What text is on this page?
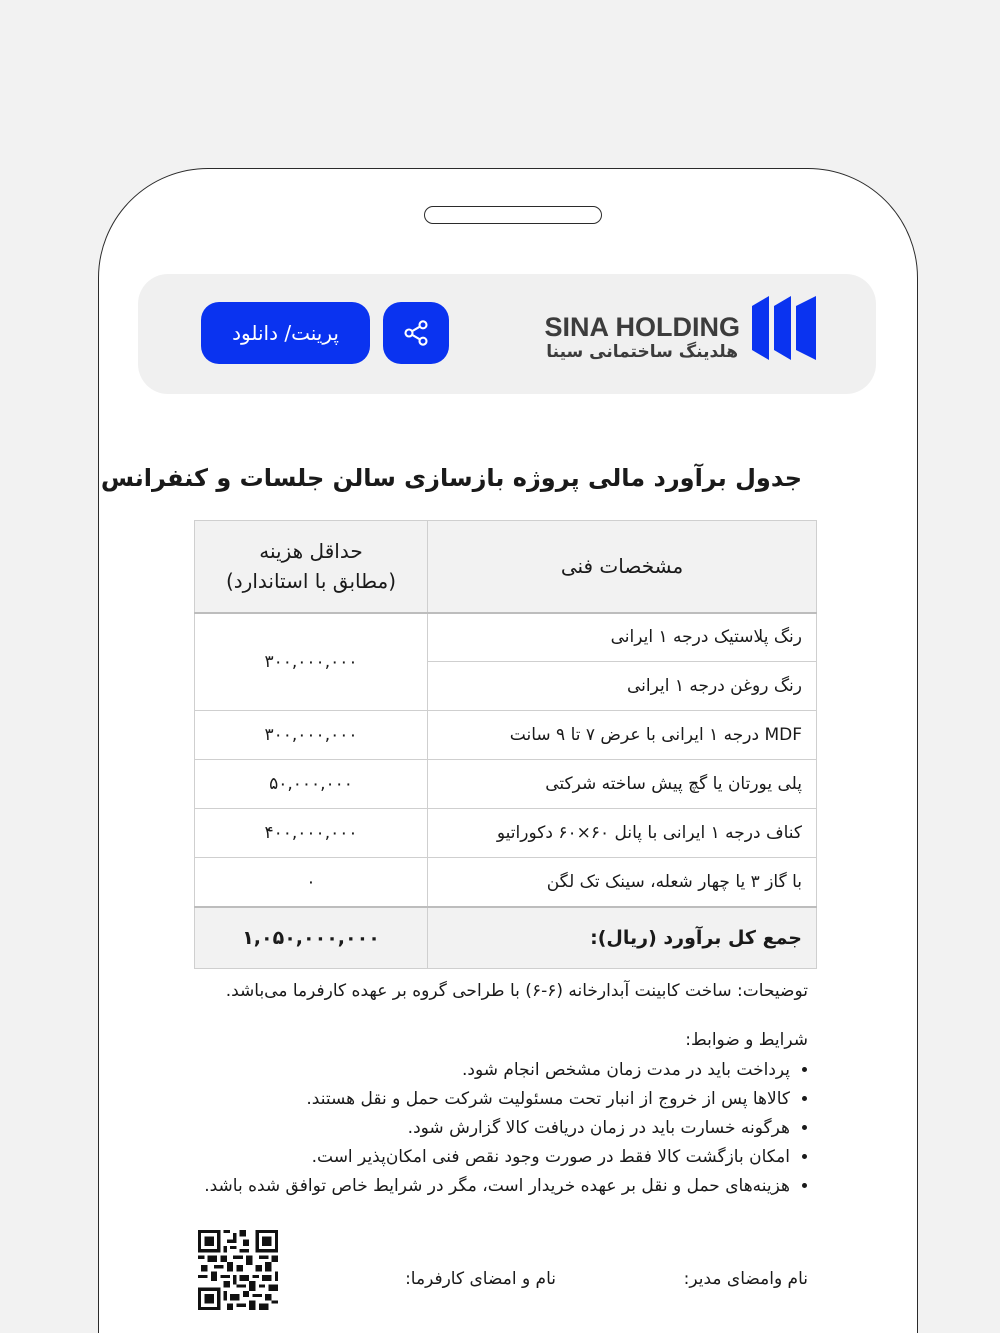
پرینت/ دانلود	SINA HOLDING
هلدینگ ساختمانی سینا
جدول برآورد مالی پروژه بازسازی سالن جلسات و کنفرانس
مشخصات فنی	حداقل هزینه
(مطابق با استاندارد)

رنگ پلاستیک درجه ۱ ایرانی	۳۰۰,۰۰۰,۰۰۰
رنگ روغن درجه ۱ ایرانی	
MDF درجه ۱ ایرانی با عرض ۷ تا ۹ سانت	۳۰۰,۰۰۰,۰۰۰
پلی یورتان یا گچ پیش ساخته شرکتی	۵۰,۰۰۰,۰۰۰
کناف درجه ۱ ایرانی با پانل ۶۰×۶۰ دکوراتیو	۴۰۰,۰۰۰,۰۰۰
با گاز ۳ یا چهار شعله، سینک تک لگن	۰
جمع کل برآورد (ریال):	۱,۰۵۰,۰۰۰,۰۰۰
توضیحات: ساخت کابینت آبدارخانه (۶-۶) با طراحی گروه بر عهده کارفرما می‌باشد.
شرایط و ضوابط:
• پرداخت باید در مدت زمان مشخص انجام شود.
• کالاها پس از خروج از انبار تحت مسئولیت شرکت حمل و نقل هستند.
• هرگونه خسارت باید در زمان دریافت کالا گزارش شود.
• امکان بازگشت کالا فقط در صورت وجود نقص فنی امکان‌پذیر است.
• هزینه‌های حمل و نقل بر عهده خریدار است، مگر در شرایط خاص توافق شده باشد.
نام وامضای مدیر:
نام و امضای کارفرما:
